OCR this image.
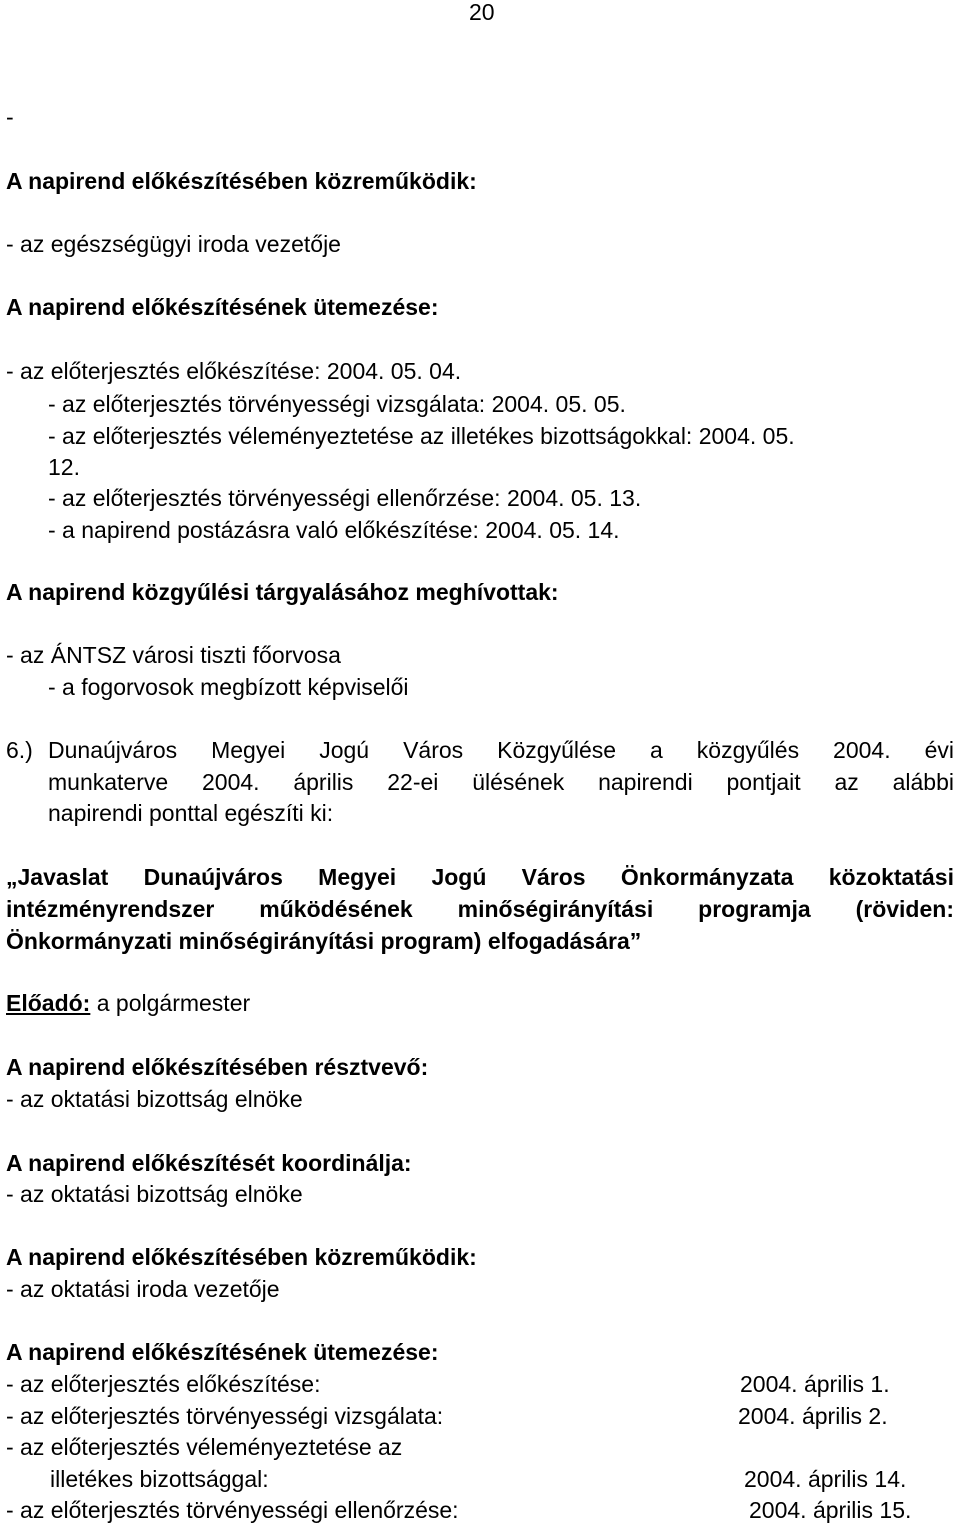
20
-
A napirend előkészítésében közreműködik:
- az egészségügyi iroda vezetője
A napirend előkészítésének ütemezése:
- az előterjesztés előkészítése: 2004. 05. 04.
- az előterjesztés törvényességi vizsgálata: 2004. 05. 05.
- az előterjesztés véleményeztetése az illetékes bizottságokkal: 2004. 05.
12.
- az előterjesztés törvényességi ellenőrzése: 2004. 05. 13.
- a napirend postázásra való előkészítése: 2004. 05. 14.
A napirend közgyűlési tárgyalásához meghívottak:
- az ÁNTSZ városi tiszti főorvosa
- a fogorvosok megbízott képviselői
6.) Dunaújváros Megyei Jogú Város Közgyűlése a közgyűlés 2004. évi
munkaterve 2004. április 22-ei ülésének napirendi pontjait az alábbi
napirendi ponttal egészíti ki:
„Javaslat Dunaújváros Megyei Jogú Város Önkormányzata közoktatási
intézményrendszer működésének minőségirányítási programja (röviden:
Önkormányzati minőségirányítási program) elfogadására”
Előadó: a polgármester
A napirend előkészítésében résztvevő:
- az oktatási bizottság elnöke
A napirend előkészítését koordinálja:
- az oktatási bizottság elnöke
A napirend előkészítésében közreműködik:
- az oktatási iroda vezetője
A napirend előkészítésének ütemezése:
- az előterjesztés előkészítése:	2004. április 1.
- az előterjesztés törvényességi vizsgálata:	2004. április 2.
- az előterjesztés véleményeztetése az
illetékes bizottsággal:	2004. április 14.
- az előterjesztés törvényességi ellenőrzése:	2004. április 15.
